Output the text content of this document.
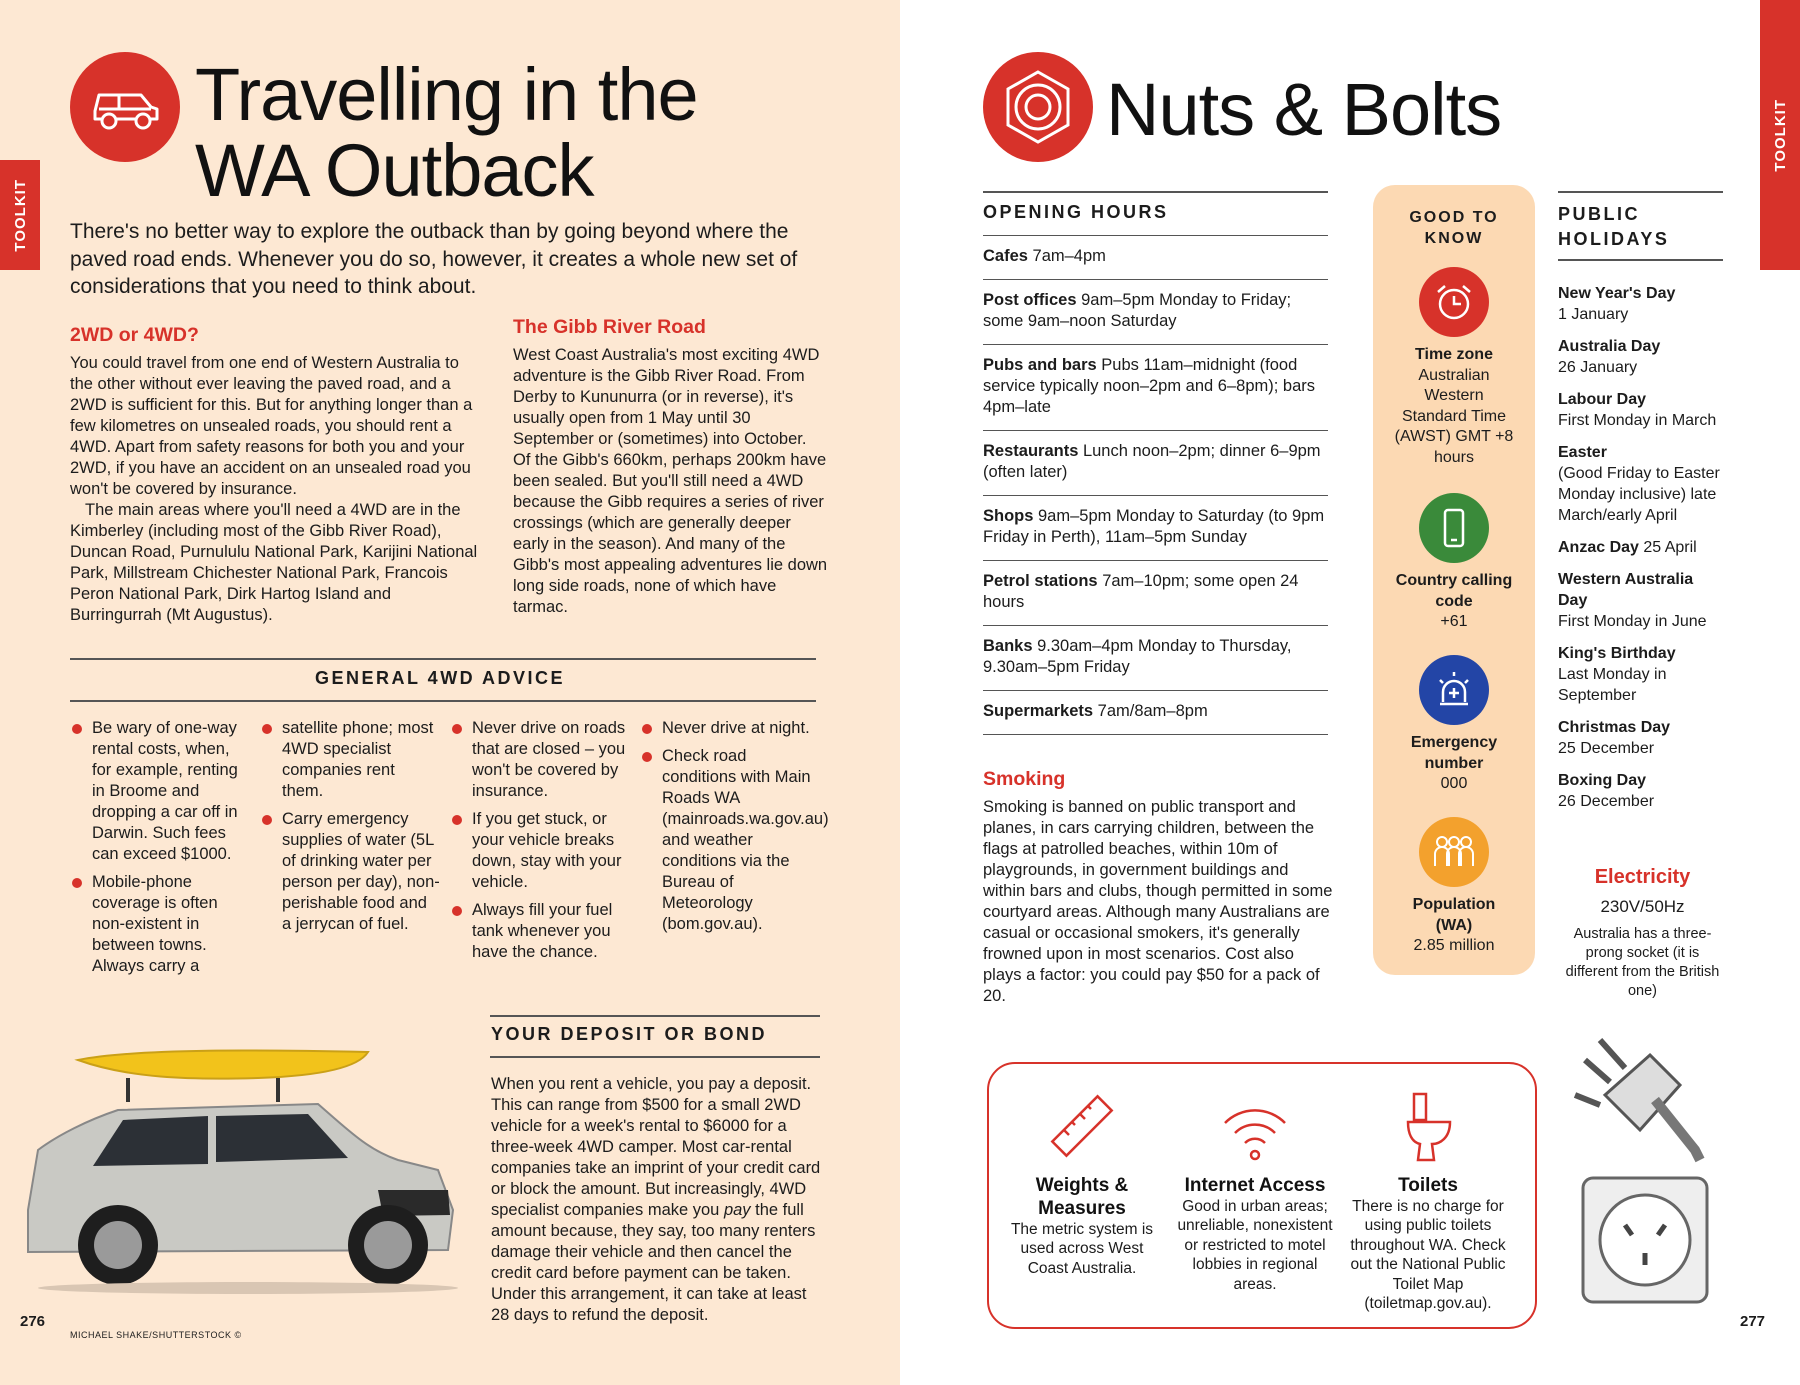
TOOLKIT
Travelling in the
WA Outback
There's no better way to explore the outback than by going beyond where the paved road ends. Whenever you do so, however, it creates a whole new set of considerations that you need to think about.
2WD or 4WD?
You could travel from one end of Western Australia to the other without ever leaving the paved road, and a 2WD is sufficient for this. But for anything longer than a few kilometres on unsealed roads, you should rent a 4WD. Apart from safety reasons for both you and your 2WD, if you have an accident on an unsealed road you won't be covered by insurance.
The main areas where you'll need a 4WD are in the Kimberley (including most of the Gibb River Road), Duncan Road, Purnululu National Park, Karijini National Park, Millstream Chichester National Park, Francois Peron National Park, Dirk Hartog Island and Burringurrah (Mt Augustus).
The Gibb River Road
West Coast Australia's most exciting 4WD adventure is the Gibb River Road. From Derby to Kununurra (or in reverse), it's usually open from 1 May until 30 September or (sometimes) into October. Of the Gibb's 660km, perhaps 200km have been sealed. But you'll still need a 4WD because the Gibb requires a series of river crossings (which are generally deeper early in the season). And many of the Gibb's most appealing adventures lie down long side roads, none of which have tarmac.
GENERAL 4WD ADVICE
Be wary of one-way rental costs, when, for example, renting in Broome and dropping a car off in Darwin. Such fees can exceed $1000.
Mobile-phone coverage is often non-existent in between towns. Always carry a
satellite phone; most 4WD specialist companies rent them.
Carry emergency supplies of water (5L of drinking water per person per day), non-perishable food and a jerrycan of fuel.
Never drive on roads that are closed – you won't be covered by insurance.
If you get stuck, or your vehicle breaks down, stay with your vehicle.
Always fill your fuel tank whenever you have the chance.
Never drive at night.
Check road conditions with Main Roads WA (mainroads.wa.gov.au) and weather conditions via the Bureau of Meteorology (bom.gov.au).
YOUR DEPOSIT OR BOND
When you rent a vehicle, you pay a deposit. This can range from $500 for a small 2WD vehicle for a week's rental to $6000 for a three-week 4WD camper. Most car-rental companies take an imprint of your credit card or block the amount. But increasingly, 4WD specialist companies make you pay the full amount because, they say, too many renters damage their vehicle and then cancel the credit card before payment can be taken. Under this arrangement, it can take at least 28 days to refund the deposit.
276
MICHAEL SHAKE/SHUTTERSTOCK ©
TOOLKIT
Nuts & Bolts
OPENING HOURS
Cafes 7am–4pm
Post offices 9am–5pm Monday to Friday; some 9am–noon Saturday
Pubs and bars Pubs 11am–midnight (food service typically noon–2pm and 6–8pm); bars 4pm–late
Restaurants Lunch noon–2pm; dinner 6–9pm (often later)
Shops 9am–5pm Monday to Saturday (to 9pm Friday in Perth), 11am–5pm Sunday
Petrol stations 7am–10pm; some open 24 hours
Banks 9.30am–4pm Monday to Thursday, 9.30am–5pm Friday
Supermarkets 7am/8am–8pm
Smoking
Smoking is banned on public transport and planes, in cars carrying children, between the flags at patrolled beaches, within 10m of playgrounds, in government buildings and within bars and clubs, though permitted in some courtyard areas. Although many Australians are casual or occasional smokers, it's generally frowned upon in most scenarios. Cost also plays a factor: you could pay $50 for a pack of 20.
GOOD TO
KNOW
Time zone
Australian Western Standard Time (AWST) GMT +8 hours
Country calling code
+61
Emergency number
000
Population (WA)
2.85 million
PUBLIC
HOLIDAYS
New Year's Day
1 January
Australia Day
26 January
Labour Day
First Monday in March
Easter
(Good Friday to Easter Monday inclusive) late March/early April
Anzac Day 25 April
Western Australia Day
First Monday in June
King's Birthday
Last Monday in September
Christmas Day
25 December
Boxing Day
26 December
Electricity
230V/50Hz
Australia has a three-prong socket (it is different from the British one)
Weights & Measures
The metric system is used across West Coast Australia.
Internet Access
Good in urban areas; unreliable, nonexistent or restricted to motel lobbies in regional areas.
Toilets
There is no charge for using public toilets throughout WA. Check out the National Public Toilet Map (toiletmap.gov.au).
277
